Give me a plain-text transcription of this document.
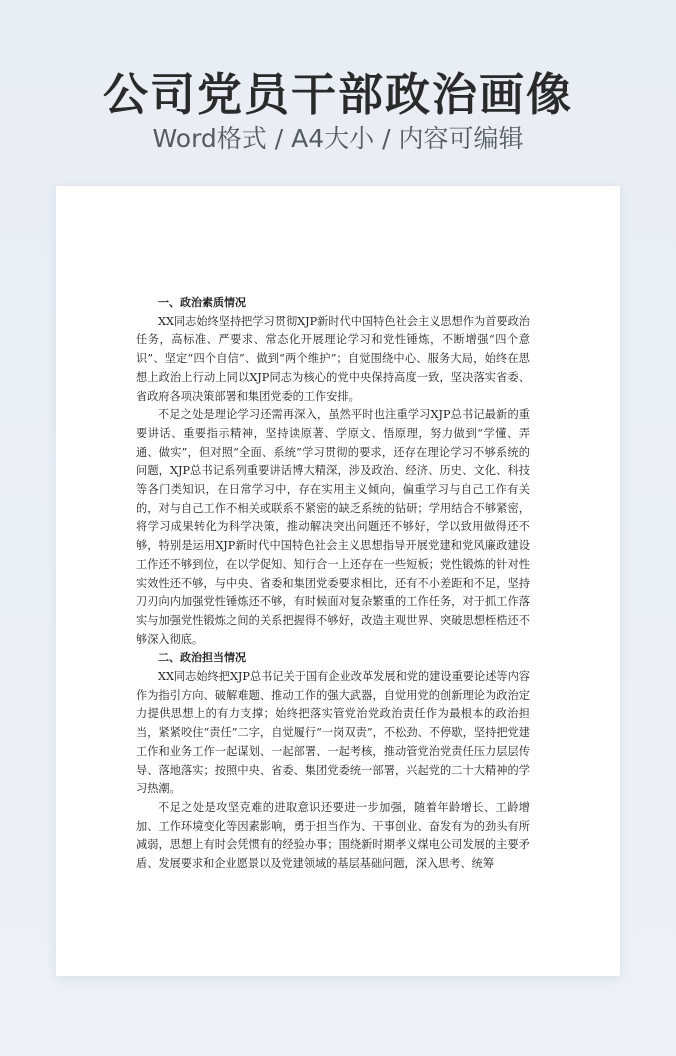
公司党员干部政治画像
Word格式 / A4大小 / 内容可编辑

一、政治素质情况

XX同志始终坚持把学习贯彻XJP新时代中国特色社会主义思想作为首要政治任务，高标准、严要求、常态化开展理论学习和党性锤炼，不断增强“四个意识”、坚定“四个自信”、做到“两个维护”；自觉围绕中心、服务大局，始终在思想上政治上行动上同以XJP同志为核心的党中央保持高度一致，坚决落实省委、省政府各项决策部署和集团党委的工作安排。

不足之处是理论学习还需再深入，虽然平时也注重学习XJP总书记最新的重要讲话、重要指示精神，坚持读原著、学原文、悟原理，努力做到“学懂、弄通、做实”，但对照“全面、系统”学习贯彻的要求，还存在理论学习不够系统的问题，XJP总书记系列重要讲话博大精深，涉及政治、经济、历史、文化、科技等各门类知识，在日常学习中，存在实用主义倾向，偏重学习与自己工作有关的，对与自己工作不相关或联系不紧密的缺乏系统的钻研；学用结合不够紧密，将学习成果转化为科学决策，推动解决突出问题还不够好，学以致用做得还不够，特别是运用XJP新时代中国特色社会主义思想指导开展党建和党风廉政建设工作还不够到位，在以学促知、知行合一上还存在一些短板；党性锻炼的针对性实效性还不够，与中央、省委和集团党委要求相比，还有不小差距和不足，坚持刀刃向内加强党性锤炼还不够，有时候面对复杂繁重的工作任务，对于抓工作落实与加强党性锻炼之间的关系把握得不够好，改造主观世界、突破思想桎梏还不够深入彻底。

二、政治担当情况

XX同志始终把XJP总书记关于国有企业改革发展和党的建设重要论述等内容作为指引方向、破解难题、推动工作的强大武器，自觉用党的创新理论为政治定力提供思想上的有力支撑；始终把落实管党治党政治责任作为最根本的政治担当，紧紧咬住“责任”二字，自觉履行“一岗双责”，不松劲、不停歇，坚持把党建工作和业务工作一起谋划、一起部署、一起考核，推动管党治党责任压力层层传导、落地落实；按照中央、省委、集团党委统一部署，兴起党的二十大精神的学习热潮。

不足之处是攻坚克难的进取意识还要进一步加强，随着年龄增长、工龄增加、工作环境变化等因素影响，勇于担当作为、干事创业、奋发有为的劲头有所减弱，思想上有时会凭惯有的经验办事；围绕新时期孝义煤电公司发展的主要矛盾、发展要求和企业愿景以及党建领域的基层基础问题，深入思考、统筹
